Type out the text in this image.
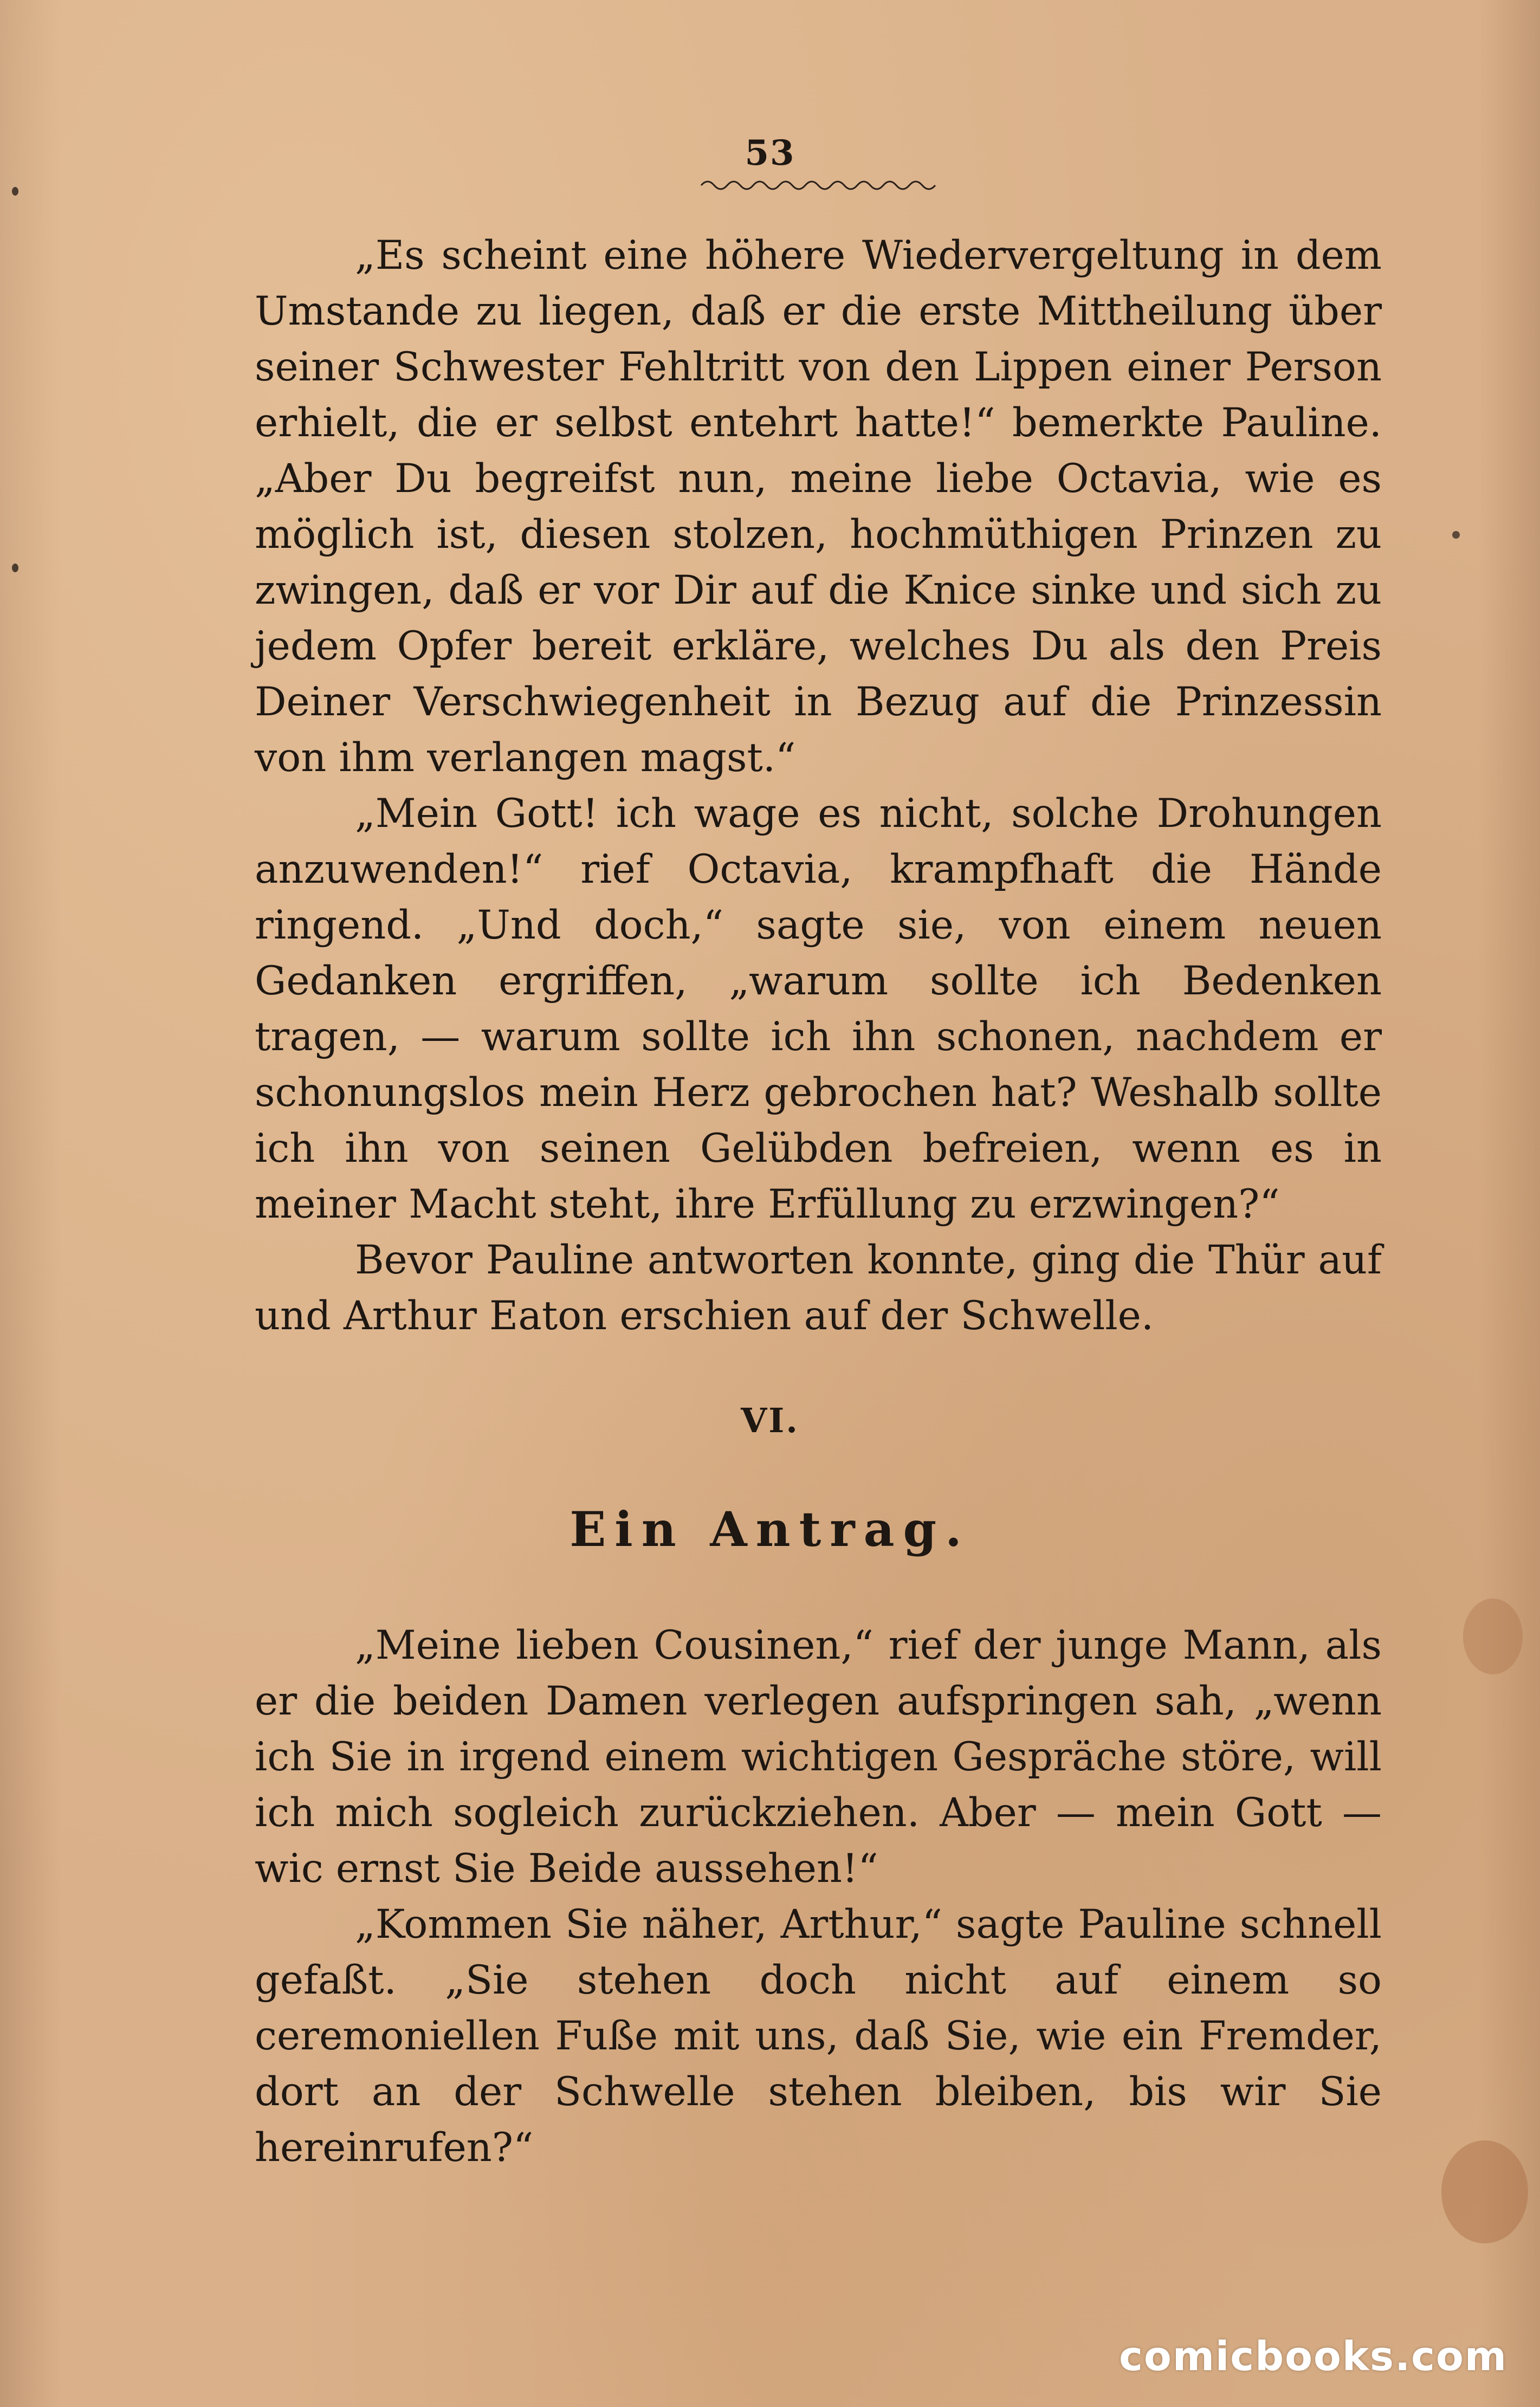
53

„Es scheint eine höhere Wiedervergeltung in dem Umstande zu liegen, daß er die erste Mittheilung über seiner Schwester Fehltritt von den Lippen einer Person erhielt, die er selbst entehrt hatte!“ bemerkte Pauline. „Aber Du begreifst nun, meine liebe Octavia, wie es möglich ist, diesen stolzen, hochmüthigen Prinzen zu zwingen, daß er vor Dir auf die Knice sinke und sich zu jedem Opfer bereit erkläre, welches Du als den Preis Deiner Verschwiegenheit in Bezug auf die Prinzessin von ihm verlangen magst.“

„Mein Gott! ich wage es nicht, solche Drohungen anzuwenden!“ rief Octavia, krampfhaft die Hände ringend. „Und doch,“ sagte sie, von einem neuen Gedanken ergriffen, „warum sollte ich Bedenken tragen, — warum sollte ich ihn schonen, nachdem er schonungslos mein Herz gebrochen hat? Weshalb sollte ich ihn von seinen Gelübden befreien, wenn es in meiner Macht steht, ihre Erfüllung zu erzwingen?“

Bevor Pauline antworten konnte, ging die Thür auf und Arthur Eaton erschien auf der Schwelle.

VI.
Ein Antrag.

„Meine lieben Cousinen,“ rief der junge Mann, als er die beiden Damen verlegen aufspringen sah, „wenn ich Sie in irgend einem wichtigen Gespräche störe, will ich mich sogleich zurückziehen. Aber — mein Gott — wic ernst Sie Beide aussehen!“

„Kommen Sie näher, Arthur,“ sagte Pauline schnell gefaßt. „Sie stehen doch nicht auf einem so ceremoniellen Fuße mit uns, daß Sie, wie ein Fremder, dort an der Schwelle stehen bleiben, bis wir Sie hereinrufen?“

comicbooks.com
